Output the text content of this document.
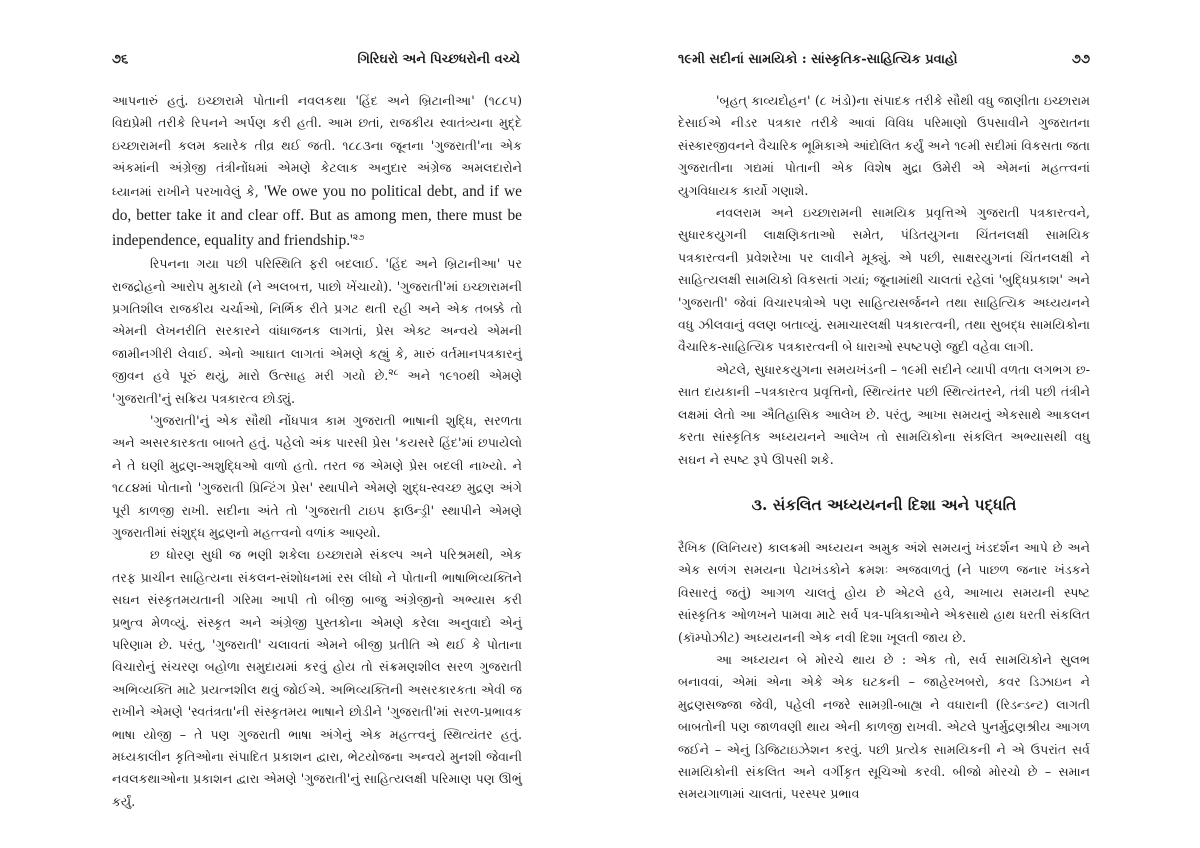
૭૬	ગિરિઘરો અને પિચ્છધરોની વચ્ચે

આપનારું હતું. ઇચ્છારામે પોતાની નવલકથા 'હિંદ અને બ્રિટાનીઆ' (૧૮૮૫) વિદ્યપ્રેમી તરીકે રિપનને અર્પણ કરી હતી. આમ છતાં, રાજકીય સ્વાતંત્ર્યના મુદ્દે ઇચ્છારામની કલમ ક્યારેક તીવ્ર થઈ જતી. ૧૮૮૩ના જૂનના 'ગુજરાતી'ના એક અંકમાંની અંગ્રેજી તંત્રીનોંધમાં એમણે કેટલાક અનુદાર અંગ્રેજ અમલદારોને ધ્યાનમાં રાખીને પરખાવેલું કે, 'We owe you no political debt, and if we do, better take it and clear off. But as among men, there must be independence, equality and $friendship.'^{૨૭}$

રિપનના ગયા પછી પરિસ્થિતિ ફરી બદલાઈ. 'હિંદ અને બ્રિટાનીઆ' પર રાજદ્રોહનો આરોપ મુકાયો (ને અલબત્ત, પાછો ખેંચાયો). 'ગુજરાતી'માં ઇચ્છારામની પ્રગતિશીલ રાજકીય ચર્ચાઓ, નિર્ભિક રીતે પ્રગટ થતી રહી અને એક તબક્કે તો એમની લેખનરીતિ સરકારને વાંધાજનક લાગતાં, પ્રેસ એક્ટ અન્વયે એમની જામીનગીરી લેવાઈ. એનો આઘાત લાગતાં એમણે કહ્યું કે, મારું વર્તમાનપત્રકારનું જીવન હવે પૂરું થયું, મારો ઉત્સાહ મરી ગયો છે.$^{૨૮}$ અને ૧૯૧૦થી એમણે 'ગુજરાતી'નું સક્રિય પત્રકારત્વ છોડ્યું.

'ગુજરાતી'નું એક સૌથી નોંધપાત્ર કામ ગુજરાતી ભાષાની શુદ્ધિ, સરળતા અને અસરકારકતા બાબતે હતું. પહેલો અંક પારસી પ્રેસ 'કયસરે હિંદ'માં છપાયેલો ને તે ઘણી મુદ્રણ-અશુદ્ધિઓ વાળો હતો. તરત જ એમણે પ્રેસ બદલી નાખ્યો. ને ૧૮૮૪માં પોતાનો 'ગુજરાતી પ્રિન્ટિંગ પ્રેસ' સ્થાપીને એમણે શુદ્ધ-સ્વચ્છ મુદ્રણ અંગે પૂરી કાળજી રાખી. સદીના અંતે તો 'ગુજરાતી ટાઇપ ફાઉન્ડ્રી' સ્થાપીને એમણે ગુજરાતીમાં સંશુદ્ધ મુદ્રણનો મહત્ત્વનો વળાંક આણ્યો.

છ ધોરણ સુધી જ ભણી શકેલા ઇચ્છારામે સંકલ્પ અને પરિશ્રમથી, એક તરફ પ્રાચીન સાહિત્યના સંકલન-સંશોધનમાં રસ લીધો ને પોતાની ભાષાભિવ્યક્તિને સઘન સંસ્કૃતમયતાની ગરિમા આપી તો બીજી બાજુ અંગ્રેજીનો અભ્યાસ કરી પ્રભુત્વ મેળવ્યું. સંસ્કૃત અને અંગ્રેજી પુસ્તકોના એમણે કરેલા અનુવાદો એનું પરિણામ છે. પરંતુ, 'ગુજરાતી' ચલાવતાં એમને બીજી પ્રતીતિ એ થઈ કે પોતાના વિચારોનું સંચરણ બહોળા સમુદાયમાં કરવું હોય તો સંક્રમણશીલ સરળ ગુજરાતી અભિવ્યક્તિ માટે પ્રયત્નશીલ થવું જોઈએ. અભિવ્યક્તિની અસરકારકતા એવી જ રાખીને એમણે 'સ્વતંત્રતા'ની સંસ્કૃતમય ભાષાને છોડીને 'ગુજરાતી'માં સરળ-પ્રભાવક ભાષા યોજી – તે પણ ગુજરાતી ભાષા અંગેનું એક મહત્ત્વનું સ્થિત્યંતર હતું. મધ્યકાલીન કૃતિઓના સંપાદિત પ્રકાશન દ્વારા, ભેટયોજના અન્વયે મુનશી જેવાની નવલકથાઓના પ્રકાશન દ્વારા એમણે 'ગુજરાતી'નું સાહિત્યલક્ષી પરિમાણ પણ ઊભું કર્યું.

૧૯મી સદીનાં સામયિકો : સાંસ્કૃતિક-સાહિત્યિક પ્રવાહો	૭૭

'બૃહત્ કાવ્યદોહન' (૮ ખંડો)ના સંપાદક તરીકે સૌથી વધુ જાણીતા ઇચ્છારામ દેસાઈએ નીડર પત્રકાર તરીકે આવાં વિવિધ પરિમાણો ઉપસાવીને ગુજરાતના સંસ્કારજીવનને વૈચારિક ભૂમિકાએ આંદોલિત કર્યું અને ૧૯મી સદીમાં વિકસતા જતા ગુજરાતીના ગદ્યમાં પોતાની એક વિશેષ મુદ્રા ઉમેરી એ એમનાં મહત્ત્વનાં યુગવિધાયક કાર્યો ગણાશે.

નવલરામ અને ઇચ્છારામની સામયિક પ્રવૃત્તિએ ગુજરાતી પત્રકારત્વને, સુધારકયુગની લાક્ષણિકતાઓ સમેત, પંડિતયુગના ચિંતનલક્ષી સામયિક પત્રકારત્વની પ્રવેશરેખા પર લાવીને મૂક્યું. એ પછી, સાક્ષરયુગનાં ચિંતનલક્ષી ને સાહિત્યલક્ષી સામયિકો વિકસતાં ગયાં; જૂનામાંથી ચાલતાં રહેલાં 'બુદ્ધિપ્રકાશ' અને 'ગુજરાતી' જેવાં વિચારપત્રોએ પણ સાહિત્યસર્જનને તથા સાહિત્યિક અધ્યયનને વધુ ઝીલવાનું વલણ બતાવ્યું. સમાચારલક્ષી પત્રકારત્વની, તથા સુબદ્ધ સામયિકોના વૈચારિક-સાહિત્યિક પત્રકારત્વની બે ધારાઓ સ્પષ્ટપણે જુદી વહેવા લાગી.

એટલે, સુધારકયુગના સમયખંડની – ૧૯મી સદીને વ્યાપી વળતા લગભગ છ-સાત દાયકાની –પત્રકારત્વ પ્રવૃત્તિનો, સ્થિત્યંતર પછી સ્થિત્યંતરને, તંત્રી પછી તંત્રીને લક્ષમાં લેતો આ ઐતિહાસિક આલેખ છે. પરંતુ, આખા સમયનું એકસાથે આકલન કરતા સાંસ્કૃતિક અધ્યયનને આલેખ તો સામયિકોના સંકલિત અભ્યાસથી વધુ સઘન ને સ્પષ્ટ રૂપે ઊપસી શકે.

૩. સંકલિત અધ્યયનની દિશા અને પદ્ધતિ

રૈખિક (લિનિયર) કાલક્રમી અધ્યયન અમુક અંશે સમયનું ખંડદર્શન આપે છે અને એક સળંગ સમયના પેટાખંડકોને ક્રમશઃ અજવાળતું (ને પાછળ જનાર ખંડકને વિસારતું જતું) આગળ ચાલતું હોય છે એટલે હવે, આખાય સમયની સ્પષ્ટ સાંસ્કૃતિક ઓળખને પામવા માટે સર્વ પત્ર-પત્રિકાઓને એકસાથે હાથ ધરતી સંકલિત (કૉમ્પોઝીટ) અધ્યયનની એક નવી દિશા ખૂલતી જાય છે.

આ અધ્યયન બે મોરચે થાય છે : એક તો, સર્વ સામયિકોને સુલભ બનાવવાં, એમાં એના એકે એક ઘટકની – જાહેરખબરો, કવર ડિઝાઇન ને મુદ્રણસજ્જા જેવી, પહેલી નજરે સામગ્રી-બાહ્ય ને વધારાની (રિડન્ડન્ટ) લાગતી બાબતોની પણ જાળવણી થાય એની કાળજી રાખવી. એટલે પુનર્મુદ્રણશ્રીય આગળ જઈને – એનું ડિજિટાઇઝેશન કરવું. પછી પ્રત્યેક સામયિકની ને એ ઉપરાંત સર્વ સામયિકોની સંકલિત અને વર્ગીકૃત સૂચિઓ કરવી. બીજો મોરચો છે – સમાન સમયગાળામાં ચાલતાં, પરસ્પર પ્રભાવ
